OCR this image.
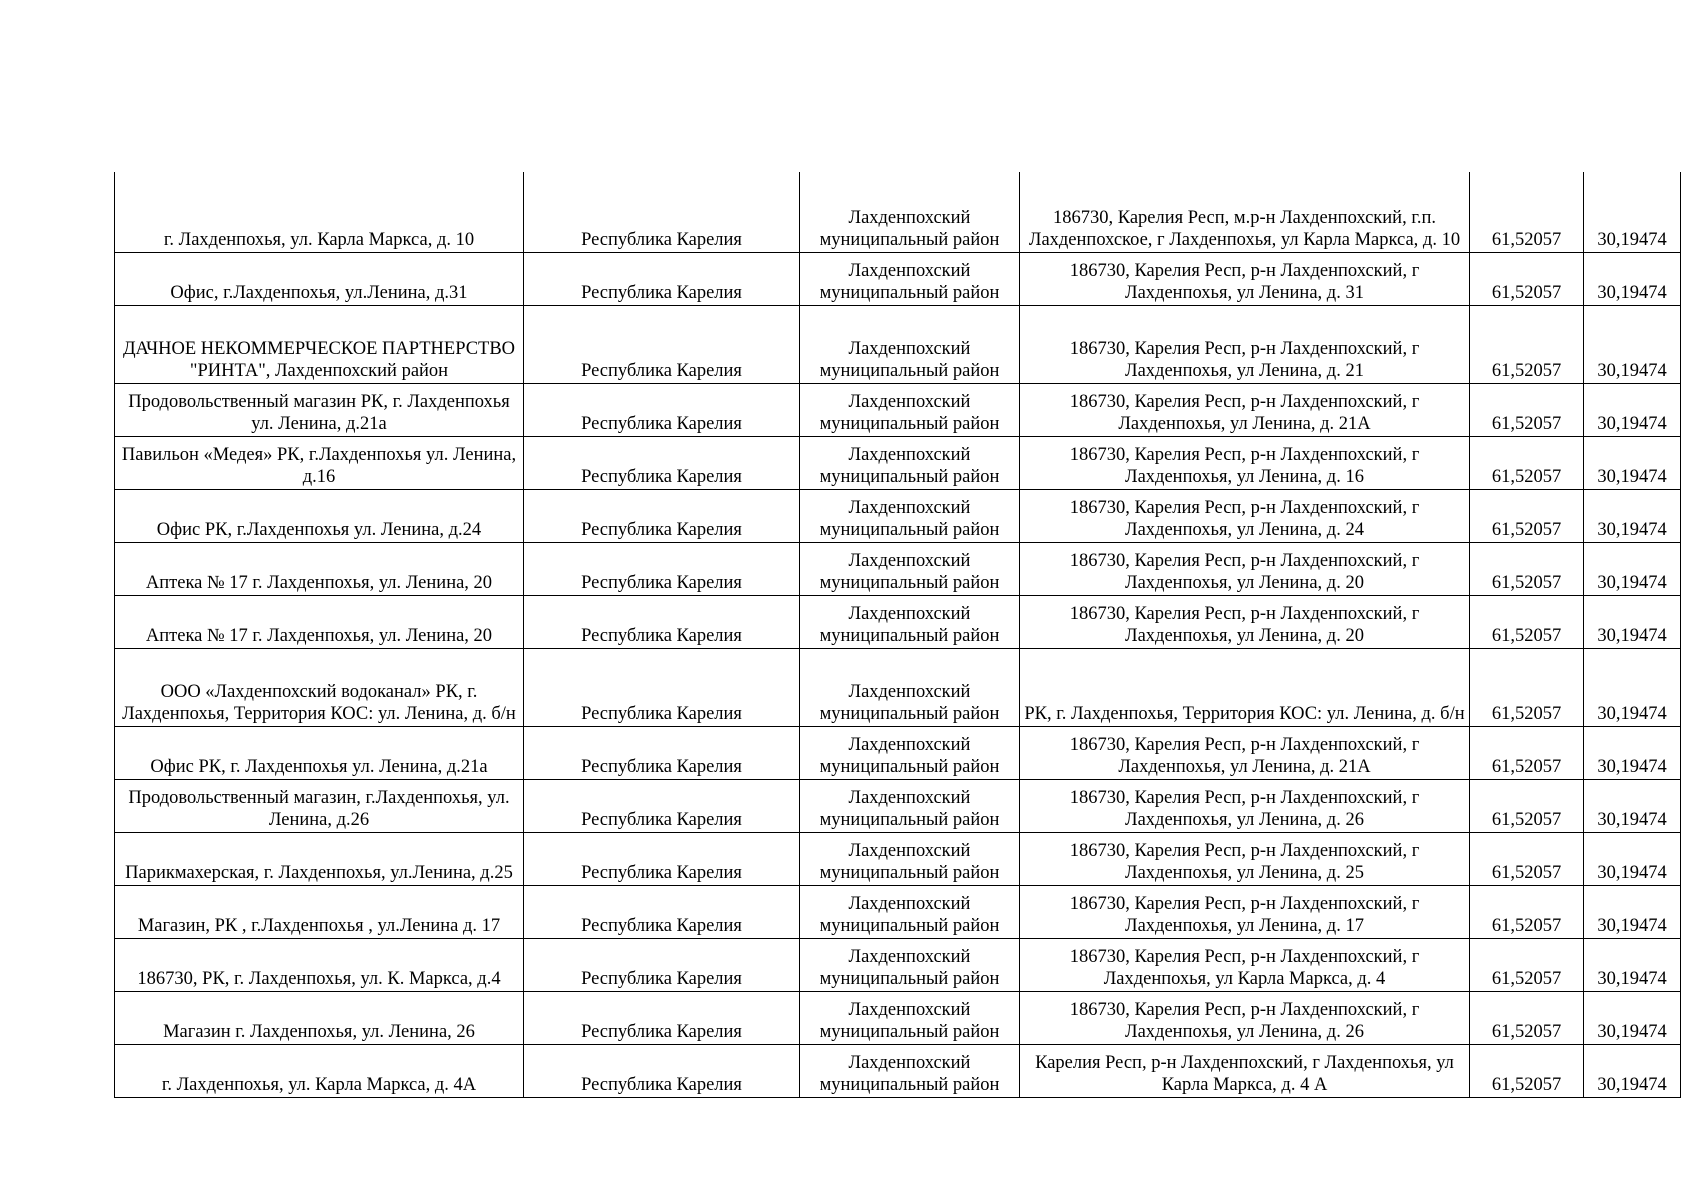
г. Лахденпохья, ул. Карла Маркса, д. 10	Республика Карелия	Лахденпохский муниципальный район	186730, Карелия Респ, м.р-н Лахденпохский, г.п. Лахденпохское, г Лахденпохья, ул Карла Маркса, д. 10	61,52057	30,19474
Офис, г.Лахденпохья, ул.Ленина, д.31	Республика Карелия	Лахденпохский муниципальный район	186730, Карелия Респ, р-н Лахденпохский, г Лахденпохья, ул Ленина, д. 31	61,52057	30,19474
ДАЧНОЕ НЕКОММЕРЧЕСКОЕ ПАРТНЕРСТВО "РИНТА", Лахденпохский район	Республика Карелия	Лахденпохский муниципальный район	186730, Карелия Респ, р-н Лахденпохский, г Лахденпохья, ул Ленина, д. 21	61,52057	30,19474
Продовольственный магазин РК, г. Лахденпохья ул. Ленина, д.21а	Республика Карелия	Лахденпохский муниципальный район	186730, Карелия Респ, р-н Лахденпохский, г Лахденпохья, ул Ленина, д. 21А	61,52057	30,19474
Павильон «Медея» РК, г.Лахденпохья ул. Ленина, д.16	Республика Карелия	Лахденпохский муниципальный район	186730, Карелия Респ, р-н Лахденпохский, г Лахденпохья, ул Ленина, д. 16	61,52057	30,19474
Офис РК, г.Лахденпохья ул. Ленина, д.24	Республика Карелия	Лахденпохский муниципальный район	186730, Карелия Респ, р-н Лахденпохский, г Лахденпохья, ул Ленина, д. 24	61,52057	30,19474
Аптека № 17 г. Лахденпохья, ул. Ленина, 20	Республика Карелия	Лахденпохский муниципальный район	186730, Карелия Респ, р-н Лахденпохский, г Лахденпохья, ул Ленина, д. 20	61,52057	30,19474
Аптека № 17 г. Лахденпохья, ул. Ленина, 20	Республика Карелия	Лахденпохский муниципальный район	186730, Карелия Респ, р-н Лахденпохский, г Лахденпохья, ул Ленина, д. 20	61,52057	30,19474
ООО «Лахденпохский водоканал» РК, г. Лахденпохья, Территория КОС: ул. Ленина, д. б/н	Республика Карелия	Лахденпохский муниципальный район	РК, г. Лахденпохья, Территория КОС: ул. Ленина, д. б/н	61,52057	30,19474
Офис РК, г. Лахденпохья ул. Ленина, д.21а	Республика Карелия	Лахденпохский муниципальный район	186730, Карелия Респ, р-н Лахденпохский, г Лахденпохья, ул Ленина, д. 21А	61,52057	30,19474
Продовольственный магазин, г.Лахденпохья, ул. Ленина, д.26	Республика Карелия	Лахденпохский муниципальный район	186730, Карелия Респ, р-н Лахденпохский, г Лахденпохья, ул Ленина, д. 26	61,52057	30,19474
Парикмахерская, г. Лахденпохья, ул.Ленина, д.25	Республика Карелия	Лахденпохский муниципальный район	186730, Карелия Респ, р-н Лахденпохский, г Лахденпохья, ул Ленина, д. 25	61,52057	30,19474
Магазин, РК , г.Лахденпохья , ул.Ленина д. 17	Республика Карелия	Лахденпохский муниципальный район	186730, Карелия Респ, р-н Лахденпохский, г Лахденпохья, ул Ленина, д. 17	61,52057	30,19474
186730, РК, г. Лахденпохья, ул. К. Маркса, д.4	Республика Карелия	Лахденпохский муниципальный район	186730, Карелия Респ, р-н Лахденпохский, г Лахденпохья, ул Карла Маркса, д. 4	61,52057	30,19474
Магазин г. Лахденпохья, ул. Ленина, 26	Республика Карелия	Лахденпохский муниципальный район	186730, Карелия Респ, р-н Лахденпохский, г Лахденпохья, ул Ленина, д. 26	61,52057	30,19474
г. Лахденпохья, ул. Карла Маркса, д. 4А	Республика Карелия	Лахденпохский муниципальный район	Карелия Респ, р-н Лахденпохский, г Лахденпохья, ул Карла Маркса, д. 4 А	61,52057	30,19474
